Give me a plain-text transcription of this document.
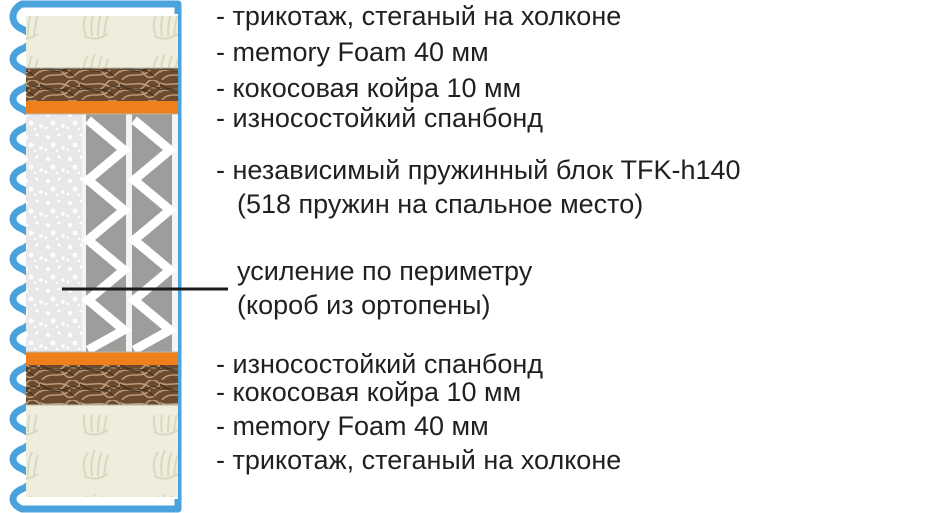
- трикотаж, стеганый на холконе
- memory Foam 40 мм
- кокосовая койра 10 мм
- износостойкий спанбонд
- независимый пружинный блок TFK-h140
(518 пружин на спальное место)
усиление по периметру
(короб из ортопены)
- износостойкий спанбонд
- кокосовая койра 10 мм
- memory Foam 40 мм
- трикотаж, стеганый на холконе
